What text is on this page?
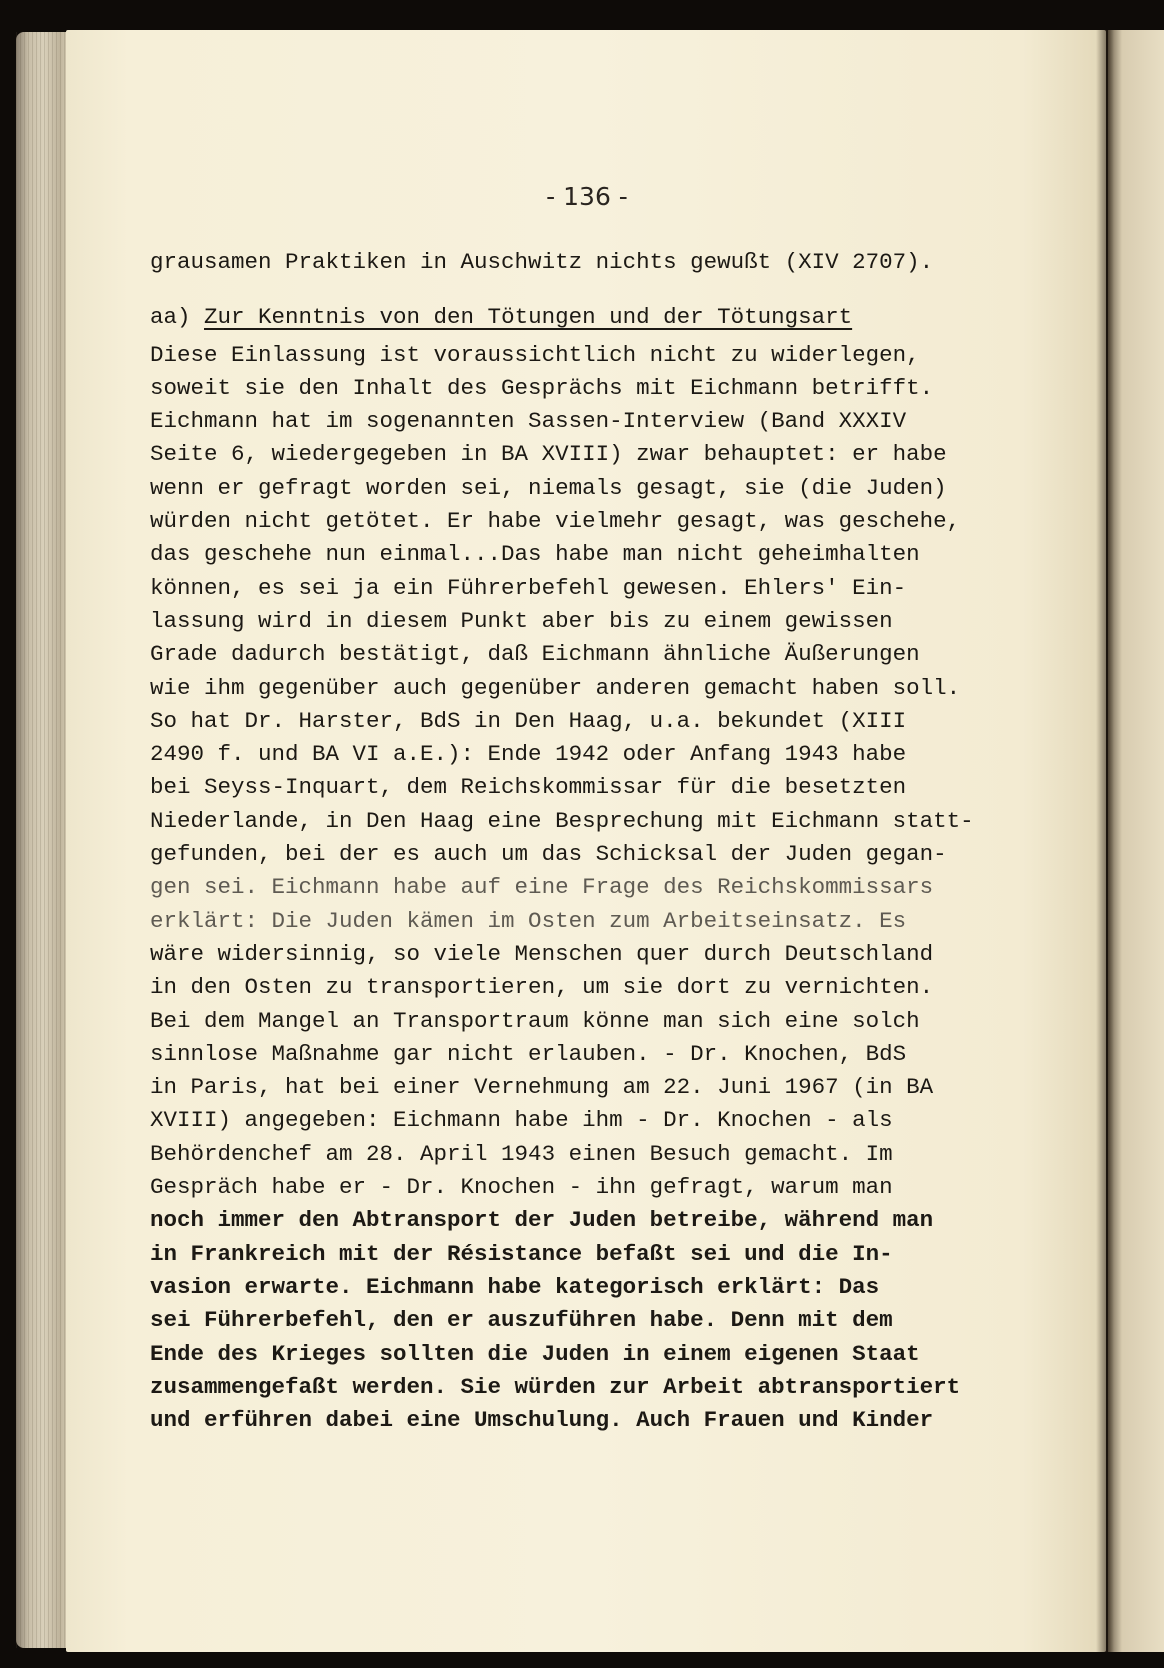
- 136 -
grausamen Praktiken in Auschwitz nichts gewußt (XIV 2707).
aa) Zur Kenntnis von den Tötungen und der Tötungsart
Diese Einlassung ist voraussichtlich nicht zu widerlegen,
soweit sie den Inhalt des Gesprächs mit Eichmann betrifft.
Eichmann hat im sogenannten Sassen-Interview (Band XXXIV
Seite 6, wiedergegeben in BA XVIII) zwar behauptet: er habe
wenn er gefragt worden sei, niemals gesagt, sie (die Juden)
würden nicht getötet. Er habe vielmehr gesagt, was geschehe,
das geschehe nun einmal...Das habe man nicht geheimhalten
können, es sei ja ein Führerbefehl gewesen. Ehlers' Ein-
lassung wird in diesem Punkt aber bis zu einem gewissen
Grade dadurch bestätigt, daß Eichmann ähnliche Äußerungen
wie ihm gegenüber auch gegenüber anderen gemacht haben soll.
So hat Dr. Harster, BdS in Den Haag, u.a. bekundet (XIII
2490 f. und BA VI a.E.): Ende 1942 oder Anfang 1943 habe
bei Seyss-Inquart, dem Reichskommissar für die besetzten
Niederlande, in Den Haag eine Besprechung mit Eichmann statt-
gefunden, bei der es auch um das Schicksal der Juden gegan-
gen sei. Eichmann habe auf eine Frage des Reichskommissars
erklärt: Die Juden kämen im Osten zum Arbeitseinsatz. Es
wäre widersinnig, so viele Menschen quer durch Deutschland
in den Osten zu transportieren, um sie dort zu vernichten.
Bei dem Mangel an Transportraum könne man sich eine solch
sinnlose Maßnahme gar nicht erlauben. - Dr. Knochen, BdS
in Paris, hat bei einer Vernehmung am 22. Juni 1967 (in BA
XVIII) angegeben: Eichmann habe ihm - Dr. Knochen - als
Behördenchef am 28. April 1943 einen Besuch gemacht. Im
Gespräch habe er - Dr. Knochen - ihn gefragt, warum man
noch immer den Abtransport der Juden betreibe, während man
in Frankreich mit der Résistance befaßt sei und die In-
vasion erwarte. Eichmann habe kategorisch erklärt: Das
sei Führerbefehl, den er auszuführen habe. Denn mit dem
Ende des Krieges sollten die Juden in einem eigenen Staat
zusammengefaßt werden. Sie würden zur Arbeit abtransportiert
und erführen dabei eine Umschulung. Auch Frauen und Kinder
